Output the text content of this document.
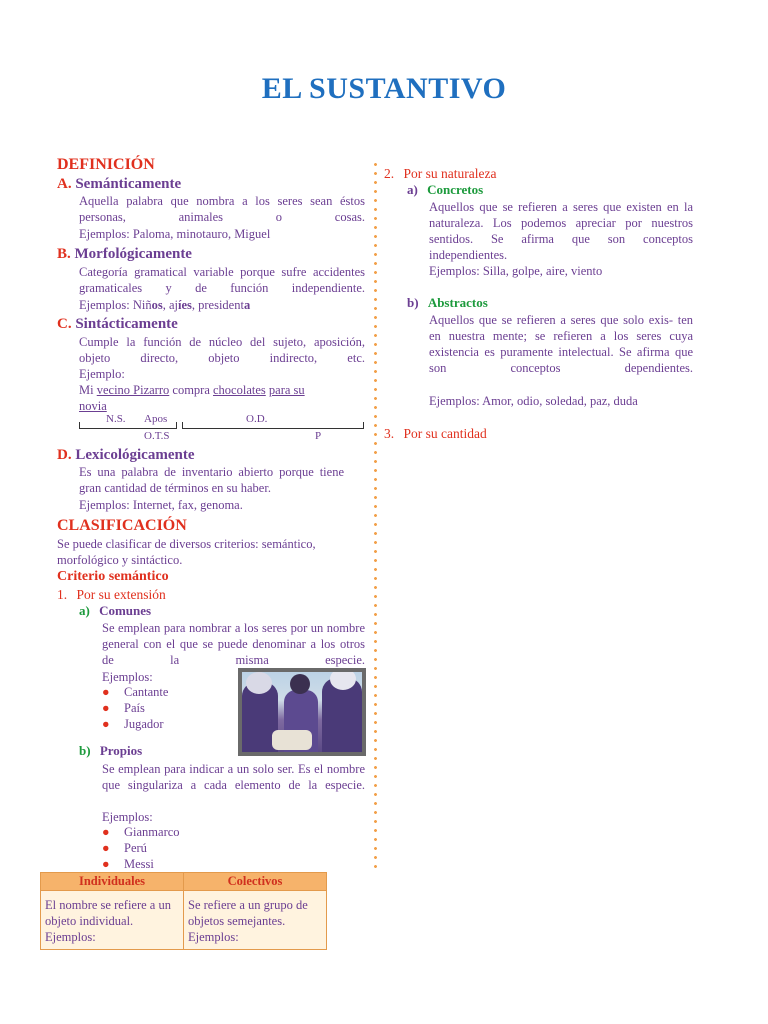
EL SUSTANTIVO
DEFINICIÓN
A. Semánticamente
Aquella palabra que nombra a los seres sean éstos personas, animales o cosas.
Ejemplos: Paloma, minotauro, Miguel
B. Morfológicamente
Categoría gramatical variable porque sufre accidentes gramaticales y de función independiente.
Ejemplos: Niños, ajíes, presidenta
C. Sintácticamente
Cumple la función de núcleo del sujeto, aposición, objeto directo, objeto indirecto, etc.
Ejemplo:
Mi vecino Pizarro compra chocolates para su
novia
N.S. Apos	O.D.
O.T.S	P
D. Lexicológicamente
Es una palabra de inventario abierto porque tiene gran cantidad de términos en su haber.
Ejemplos: Internet, fax, genoma.
CLASIFICACIÓN
Se puede clasificar de diversos criterios: semántico, morfológico y sintáctico.
Criterio semántico
1. Por su extensión
a) Comunes
Se emplean para nombrar a los seres por un nombre general con el que se puede denominar a los otros de la misma especie.
Ejemplos:
● Cantante
● País
● Jugador
b) Propios
Se emplean para indicar a un solo ser. Es el nombre que singulariza a cada elemento de la especie.
Ejemplos:
● Gianmarco
● Perú
● Messi
Individuales	Colectivos
El nombre se refiere a un objeto individual. Ejemplos:	Se refiere a un grupo de objetos semejantes. Ejemplos:
2. Por su naturaleza
a) Concretos
Aquellos que se refieren a seres que existen en la naturaleza. Los podemos apreciar por nuestros sentidos. Se afirma que son conceptos independientes.
Ejemplos: Silla, golpe, aire, viento
b) Abstractos
Aquellos que se refieren a seres que solo exis- ten en nuestra mente; se refieren a los seres cuya existencia es puramente intelectual. Se afirma que son conceptos dependientes.
Ejemplos: Amor, odio, soledad, paz, duda
3. Por su cantidad
